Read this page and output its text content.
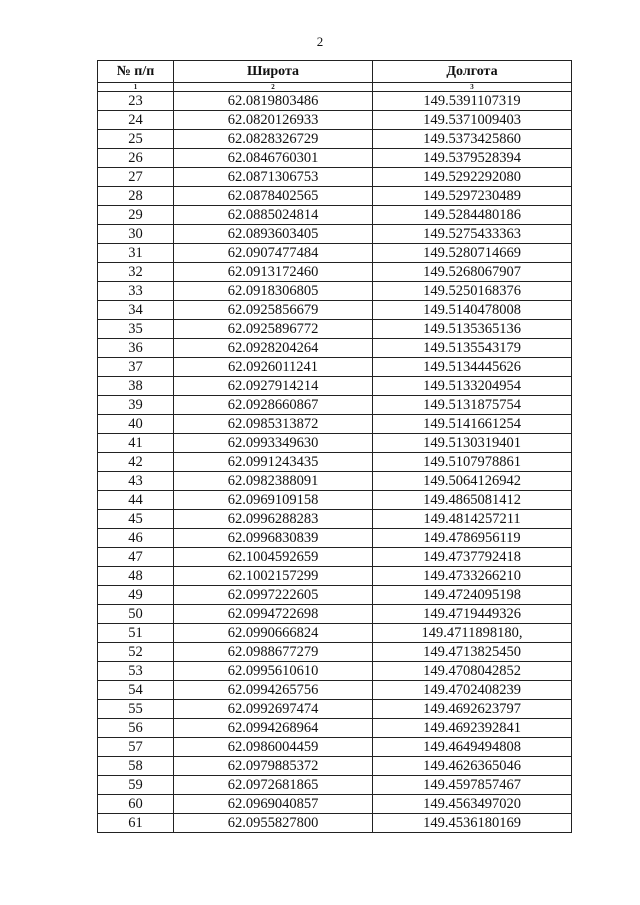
2
№ п/п	Широта	Долгота
1	2	3
23	62.0819803486	149.5391107319
24	62.0820126933	149.5371009403
25	62.0828326729	149.5373425860
26	62.0846760301	149.5379528394
27	62.0871306753	149.5292292080
28	62.0878402565	149.5297230489
29	62.0885024814	149.5284480186
30	62.0893603405	149.5275433363
31	62.0907477484	149.5280714669
32	62.0913172460	149.5268067907
33	62.0918306805	149.5250168376
34	62.0925856679	149.5140478008
35	62.0925896772	149.5135365136
36	62.0928204264	149.5135543179
37	62.0926011241	149.5134445626
38	62.0927914214	149.5133204954
39	62.0928660867	149.5131875754
40	62.0985313872	149.5141661254
41	62.0993349630	149.5130319401
42	62.0991243435	149.5107978861
43	62.0982388091	149.5064126942
44	62.0969109158	149.4865081412
45	62.0996288283	149.4814257211
46	62.0996830839	149.4786956119
47	62.1004592659	149.4737792418
48	62.1002157299	149.4733266210
49	62.0997222605	149.4724095198
50	62.0994722698	149.4719449326
51	62.0990666824	149.4711898180,
52	62.0988677279	149.4713825450
53	62.0995610610	149.4708042852
54	62.0994265756	149.4702408239
55	62.0992697474	149.4692623797
56	62.0994268964	149.4692392841
57	62.0986004459	149.4649494808
58	62.0979885372	149.4626365046
59	62.0972681865	149.4597857467
60	62.0969040857	149.4563497020
61	62.0955827800	149.4536180169
